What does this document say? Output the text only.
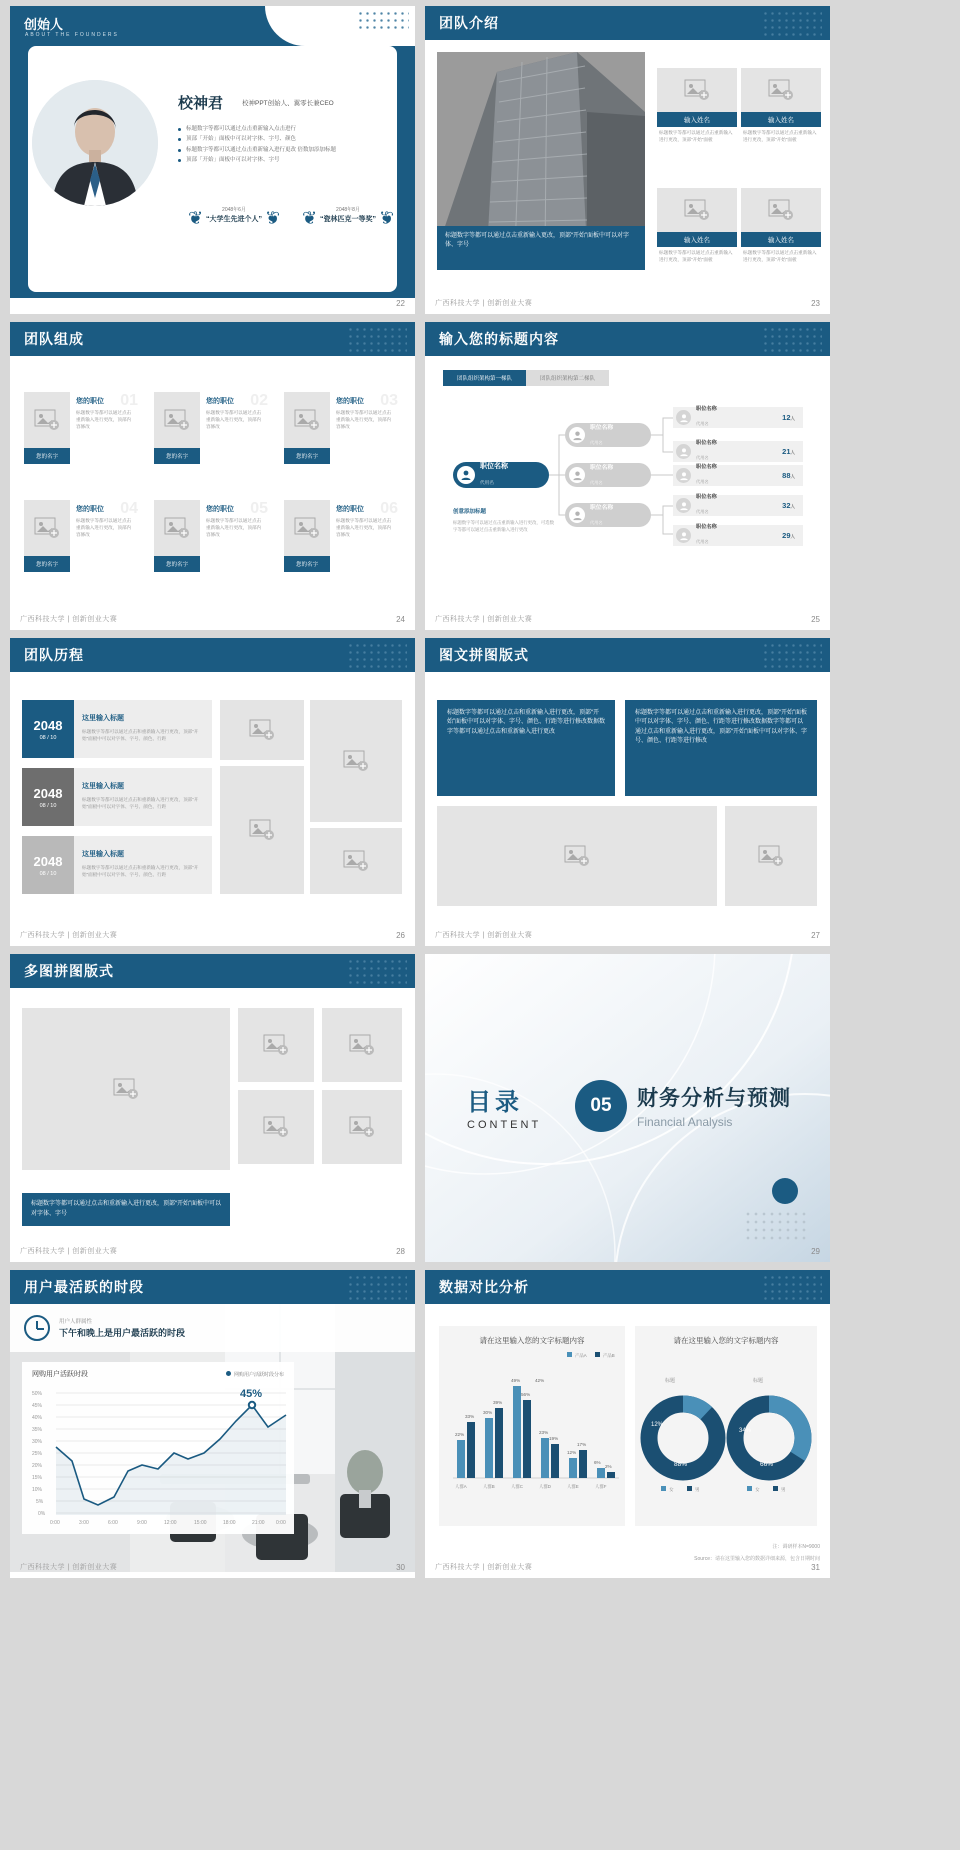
创始人
ABOUT THE FOUNDERS
校神君	校神PPT创始人、翼零长兼CEO
标题数字等都可以通过点击重新输入点击进行
顶部「开始」面板中可以对字体、字号、颜色
标题数字等都可以通过点击重新输入进行更改 倍数加添加标题
顶部「开始」面板中可以对字体、字号
❦	❦
2048年6月
“大学生先进个人” ❦	❦
2048年8月
“瓷林匹克一等奖”
22
团队介绍
标题数字等都可以通过点击重新输入更改，顶部“开始”面板中可以对字体、字号
输入姓名
标题数字等都可以通过点击重新输入进行更改，顶部“开始”面板
输入姓名
标题数字等都可以通过点击重新输入进行更改，顶部“开始”面板
输入姓名
标题数字等都可以通过点击重新输入进行更改，顶部“开始”面板
输入姓名
标题数字等都可以通过点击重新输入进行更改，顶部“开始”面板
广西科技大学 | 创新创业大赛	23
团队组成
01
您的名字
您的职位
标题数字等都可以通过点击重新输入进行更改，顶部内容修改
02
您的名字
您的职位
标题数字等都可以通过点击重新输入进行更改，顶部内容修改
03
您的名字
您的职位
标题数字等都可以通过点击重新输入进行更改，顶部内容修改
04
您的名字
您的职位
标题数字等都可以通过点击重新输入进行更改，顶部内容修改
05
您的名字
您的职位
标题数字等都可以通过点击重新输入进行更改，顶部内容修改
06
您的名字
您的职位
标题数字等都可以通过点击重新输入进行更改，顶部内容修改
广西科技大学 | 创新创业大赛	24
输入您的标题内容
团队组织架构第一梯队	团队组织架构第二梯队
职位名称
代用名
职位名称
代用名
职位名称
代用名
职位名称
代用名
职位名称
代用名
12人
职位名称
代用名
21人
职位名称
代用名
88人
职位名称
代用名
32人
职位名称
代用名
29人
创意添加标题

标题数字等可以通过点击重新输入进行更改，可选数字等都可以通过点击重新输入进行更改

广西科技大学 | 创新创业大赛	25
团队历程
2048
08 / 10
这里输入标题

标题数字等都可以通过点击和重新输入进行更改，顶部“开始”面板中可以对字体、字号、颜色、行距

2048
08 / 10
这里输入标题

标题数字等都可以通过点击和重新输入进行更改，顶部“开始”面板中可以对字体、字号、颜色、行距

2048
08 / 10
这里输入标题

标题数字等都可以通过点击和重新输入进行更改，顶部“开始”面板中可以对字体、字号、颜色、行距

广西科技大学 | 创新创业大赛	26
图文拼图版式
标题数字等都可以通过点击和重新输入进行更改，顶部“开始”面板中可以对字体、字号、颜色、行距等进行修改数据数字等都可以通过点击和重新输入进行更改
标题数字等都可以通过点击和重新输入进行更改，顶部“开始”面板中可以对字体、字号、颜色、行距等进行修改数据数字等都可以通过点击和重新输入进行更改，顶部“开始”面板中可以对字体、字号、颜色、行距等进行修改
广西科技大学 | 创新创业大赛	27
多图拼图版式
标题数字等都可以通过点击和重新输入进行更改，顶部“开始”面板中可以对字体、字号
广西科技大学 | 创新创业大赛	28
目录
CONTENT
05	财务分析与预测
Financial Analysis
29
用户最活跃的时段
用户人群属性
下午和晚上是用户最活跃的时段
网购用户活跃时段	网购用户活跃时段分布
50%
45%
40%
35%
30%
25%
20%
15%
10%
5%
0%
0:00	3:00	6:00	9:00	12:00	15:00	18:00	21:00 0:00
45%
广西科技大学 | 创新创业大赛	30
数据对比分析
请在这里输入您的文字标题内容
产品A	产品B
22%
33%
30%
39%
49%
56%
42%
23%
19%
12%
17%
6%
2%
人群A	人群B	人群C	人群D	人群E	人群F
请在这里输入您的文字标题内容
标题	标题
12%
88%
34%
66%
女	男	女	男
注：调研样本N=9000
Source：请在这里输入您的数据详细来源，包含日期时间
广西科技大学 | 创新创业大赛	31
